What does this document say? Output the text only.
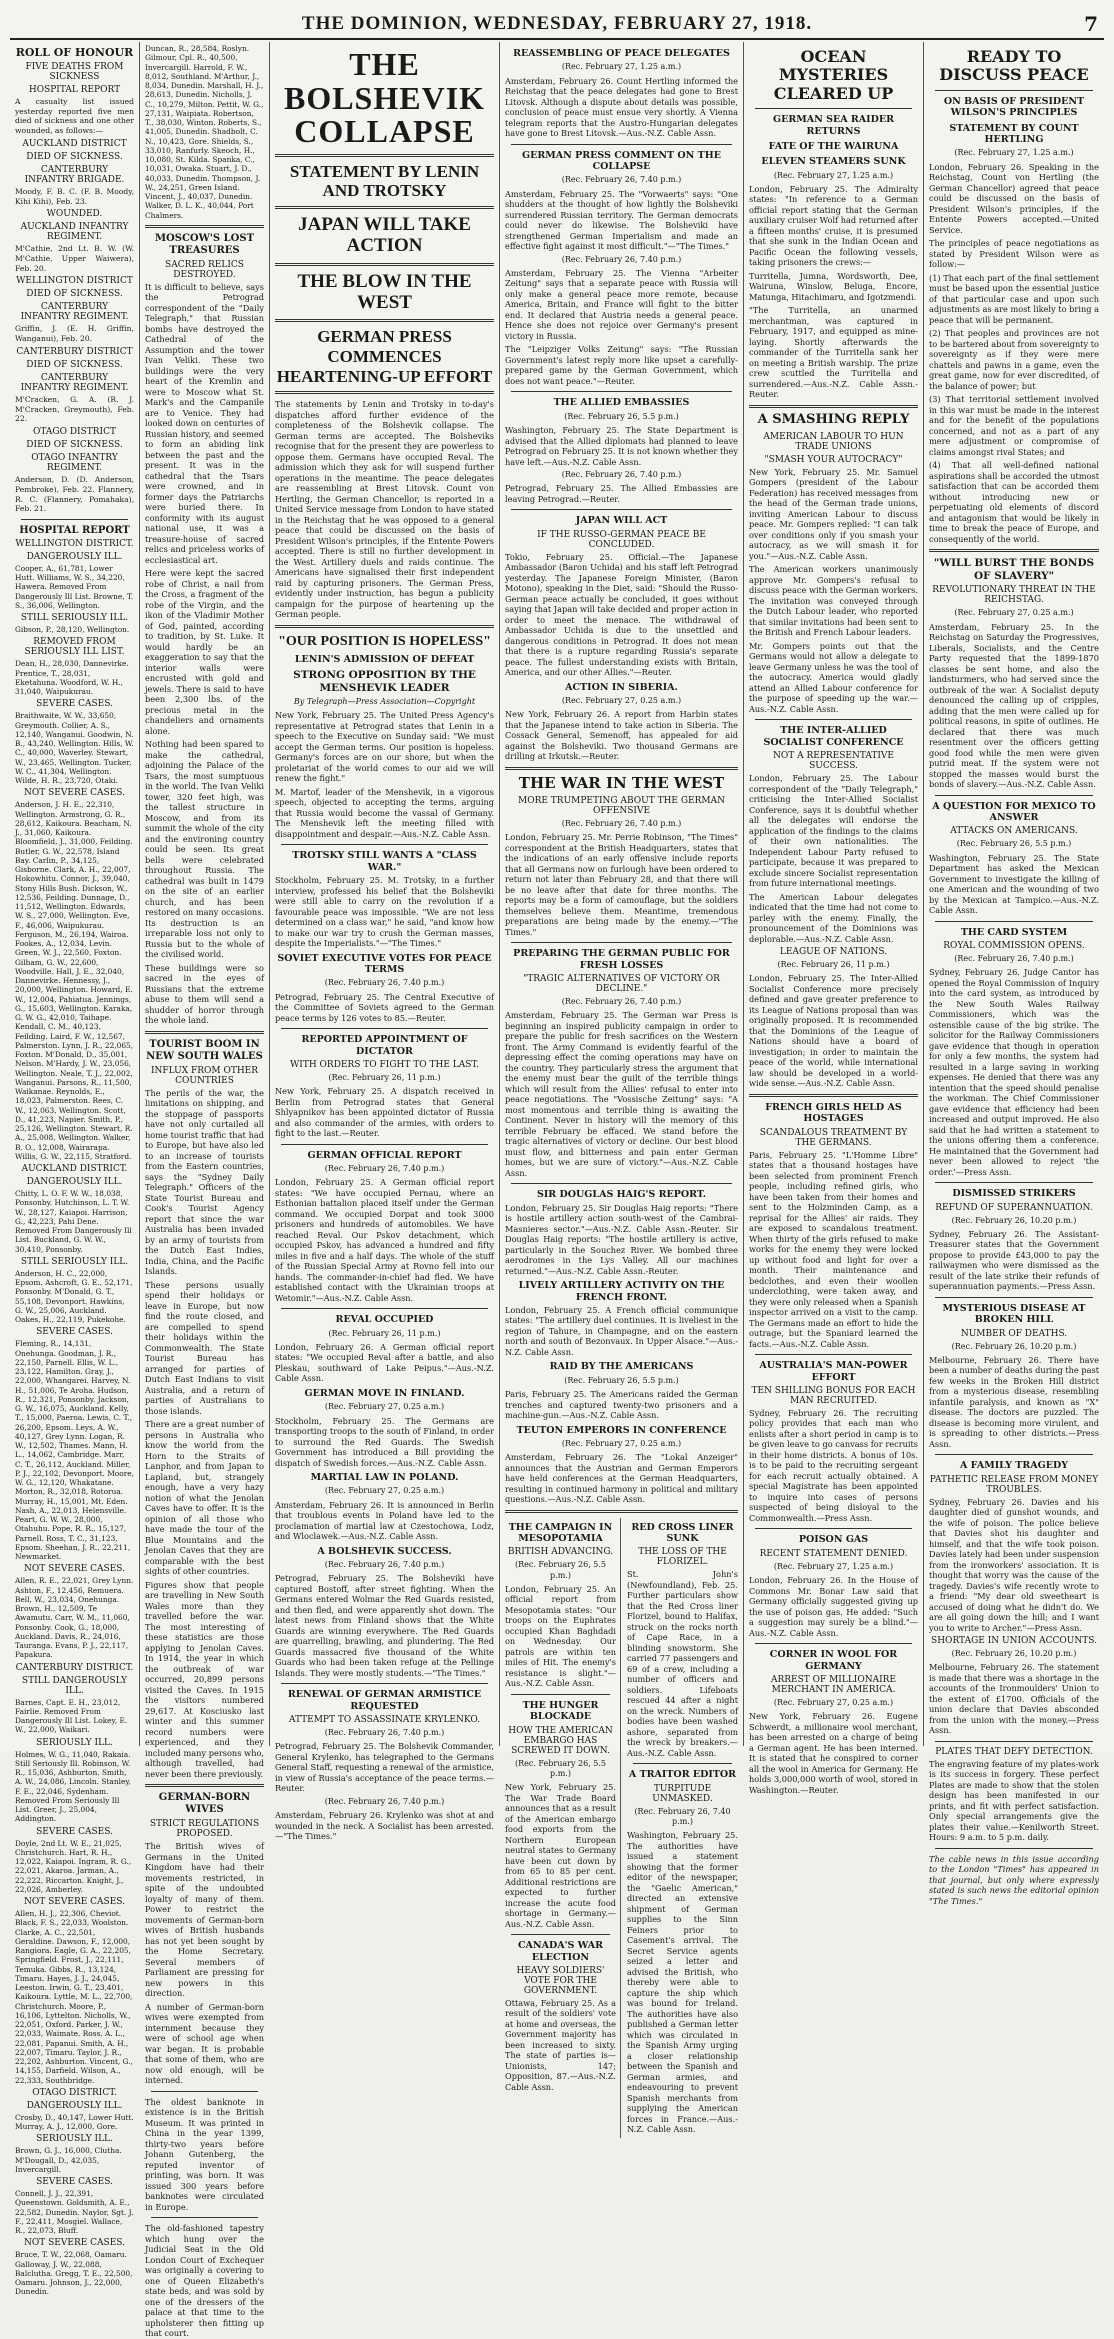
THE DOMINION, WEDNESDAY, FEBRUARY 27, 1918.	7
ROLL OF HONOUR
FIVE DEATHS FROM SICKNESS
HOSPITAL REPORT

A casualty list issued yesterday reported five men died of sickness and one other wounded, as follows:—

AUCKLAND DISTRICT
DIED OF SICKNESS.
CANTERBURY INFANTRY BRIGADE.

Moody, F. B. C. (F. B. Moody, Kihi Kihi), Feb. 23.

WOUNDED.
AUCKLAND INFANTRY REGIMENT.

M'Cathie, 2nd Lt. B. W. (W. M'Cathie, Upper Waiwera), Feb. 20.

WELLINGTON DISTRICT
DIED OF SICKNESS.
CANTERBURY INFANTRY REGIMENT.

Griffin, J. (E. H. Griffin, Wanganui), Feb. 20.

CANTERBURY DISTRICT
DIED OF SICKNESS.
CANTERBURY INFANTRY REGIMENT.

M'Cracken, G. A. (R. J. M'Cracken, Greymouth), Feb. 22.

OTAGO DISTRICT
DIED OF SICKNESS.
OTAGO INFANTRY REGIMENT.

Anderson, D. (D. Anderson, Pembroke), Feb. 22. Flannery, R. C. (Flannery, Pomahaka), Feb. 21.

HOSPITAL REPORT
WELLINGTON DISTRICT.
DANGEROUSLY ILL.

Cooper, A., 61,781, Lower Hutt. Williams, W. S., 34,220, Hawera. Removed From Dangerously Ill List. Browne, T. S., 36,006, Wellington.

STILL SERIOUSLY ILL.

Gibson, P., 28,120, Wellington.

REMOVED FROM SERIOUSLY ILL LIST.

Dean, H., 28,030, Dannevirke. Prentice, T., 28,031, Eketahuna. Woodford, W. H., 31,040, Waipukurau.

SEVERE CASES.

Braithwaite, W. W., 33,650, Greymouth. Collier, A. S., 12,140, Wanganui. Goodwin, N. B., 43,240, Wellington. Hills, W. C., 40,000, Waverley. Stewart, W., 23,465, Wellington. Tucker, W. C., 41,304, Wellington. Wilde, H. R., 23,720, Otaki.

NOT SEVERE CASES.

Anderson, J. H. E., 22,310, Wellington. Armstrong, G. R., 28,612, Kaikoura. Beacham, N. J., 31,060, Kaikoura. Bloomfield, J., 31,000, Feilding. Butler, G. W., 22,578, Island Bay. Carlin, P., 34,125, Gisborne. Clark, A. H., 22,007, Hokowhitu. Connor, J., 39,040, Stony Hills Bush. Dickson, W., 12,536, Feilding. Dunnage, D., 11,512, Wellington. Edwards, W. S., 27,000, Wellington. Eve, F., 46,006, Waipukurau. Ferguson, M., 26,194, Wairoa. Fookes, A., 12,034, Levin. Green, W. J., 22,560, Foxton. Gilham, G. W., 22,600, Woodville. Hall, J. E., 32,040, Dannevirke. Hennessy, J., 20,000, Wellington. Howard, E. W., 12,004, Pahiatua. Jennings, G., 15,603, Wellington. Karaka, G. W. G., 42,010, Taihape. Kendall, C. M., 40,123, Feilding. Laird, F. W., 12,567, Palmerston. Lynn, J. R., 22,065, Foxton. M'Donald, D., 35,001, Nelson. M'Hardy, J. W., 23,056, Wellington. Neale, T. J., 22,002, Wanganui. Parsons, R., 11,500, Waikanae. Reynolds, E., 18,023, Palmerston. Rees, C. W., 12,063, Wellington. Scott, D., 41,223, Napier. Smith, P., 25,126, Wellington. Stewart, R. A., 25,008, Wellington. Walker, B. O., 12,008, Wairarapa. Willis, G. W., 22,115, Stratford.

AUCKLAND DISTRICT.
DANGEROUSLY ILL.

Chitty, L. O. F. W. W., 18,038, Ponsonby. Hutchinson, L. T. W. W., 28,127, Kaiapoi. Harrison, G., 42,223, Pahi Dene. Removed From Dangerously Ill List. Buckland, G. W. W., 30,410, Ponsonby.

STILL SERIOUSLY ILL.

Anderson, H. C., 22,000, Epsom. Ashcroft, G. E., 52,171, Ponsonby. M'Donald, G. T., 55,108, Devonport. Hawkins, G. W., 25,006, Auckland. Oakes, H., 22,119, Pukekohe.

SEVERE CASES.

Fleming, R., 14,131, Onehunga. Goodman, J. R., 22,150, Parnell. Ellis, W. L., 23,122, Hamilton. Gray, J., 22,000, Whangarei. Harvey, N. H., 51,006, Te Aroha. Hudson, R., 12,321, Ponsonby. Jackson, G. W., 16,075, Auckland. Kelly, T., 15,000, Paeroa. Lewis, C. T., 26,200, Epsom. Leys, A. W., 40,127, Grey Lynn. Logan, R. W., 12,502, Thames. Mann, H. L., 14,062, Cambridge. Marr, C. T., 26,112, Auckland. Miller, P. J., 22,102, Devonport. Moore, W. G., 12,120, Whakatane. Morton, R., 32,018, Rotorua. Murray, H., 15,001, Mt. Eden. Nash, A., 22,013, Helensville. Peart, G. W. W., 28,000, Otahuhu. Pope, R. R., 15,127, Parnell. Ross, T. C., 31,123, Epsom. Sheehan, J. R., 22,211, Newmarket.

NOT SEVERE CASES.

Allen, R. E., 22,021, Grey Lynn. Ashton, F., 12,456, Remuera. Bell, W., 23,034, Onehunga. Brown, H., 12,509, Te Awamutu. Carr, W. M., 11,060, Ponsonby. Cook, G., 18,000, Auckland. Davis, R., 24,016, Tauranga. Evans, P. J., 22,117, Papakura.

CANTERBURY DISTRICT.
STILL DANGEROUSLY ILL.

Barnes, Capt. E. H., 23,012, Fairlie. Removed From Dangerously Ill List. Lokey, E. W., 22,000, Waikari.

SERIOUSLY ILL.

Holmes, W. G., 11,040, Rakaia. Still Seriously Ill. Robinson, W. R., 15,036, Ashburton. Smith, A. W., 24,086, Lincoln. Stanley, F. E., 22,046, Sydenham. Removed From Seriously Ill List. Greer, J., 25,004, Addington.

SEVERE CASES.

Doyle, 2nd Lt. W. E., 21,025, Christchurch. Hart, R. H., 12,022, Kaiapoi. Ingram, R. G., 22,021, Akaroa. Jarman, A., 22,222, Riccarton. Knight, J., 22,026, Amberley.

NOT SEVERE CASES.

Allen, H. J., 22,306, Cheviot. Black, F. S., 22,033, Woolston. Clarke, A. C., 22,501, Geraldine. Dawson, F., 12,000, Rangiora. Eagle, G. A., 22,205, Springfield. Frost, J., 22,111, Temuka. Gibbs, R., 13,124, Timaru. Hayes, J. J., 24,045, Leeston. Irwin, G. T., 23,401, Kaikoura. Lyttle, M. L., 22,700, Christchurch. Moore, P., 16,106, Lyttelton. Nicholls, W., 22,051, Oxford. Parker, J. W., 22,033, Waimate. Ross, A. L., 22,081, Papanui. Smith, A. H., 22,007, Timaru. Taylor, J. R., 22,202, Ashburton. Vincent, G., 14,155, Darfield. Wilson, A., 22,333, Southbridge.

OTAGO DISTRICT.
DANGEROUSLY ILL.

Crosby, D., 40,147, Lower Hutt. Murray, A. J., 12,000, Gore.

SERIOUSLY ILL.

Brown, G. J., 16,000, Clutha. M'Dougall, D., 42,035, Invercargill.

SEVERE CASES.

Connell, J. J., 22,391, Queenstown. Goldsmith, A. E., 22,582, Dunedin. Naylor, Sgt. J. F., 22,411, Mosgiel. Wallace, R., 22,073, Bluff.

NOT SEVERE CASES.

Bruce, T. W., 22,068, Oamaru. Galloway, J. W., 22,088, Balclutha. Gregg, T. E., 22,500, Oamaru. Johnson, J., 22,000, Dunedin.

Duncan, R., 28,584, Roslyn. Gilmour, Cpl. R., 40,500, Invercargill. Harrold, F. W., 8,012, Southland. M'Arthur, J., 8,034, Dunedin. Marshall, H. J., 28,613, Dunedin. Nicholls, J. C., 10,279, Milton. Pettit, W. G., 27,131, Waipiata. Robertson, T., 38,030, Winton. Roberts, S., 41,005, Dunedin. Shadbolt, C. N., 10,423, Gore. Shields, S., 33,010, Ranfurly. Skeoch, H., 10,080, St. Kilda. Spanka, C., 10,031, Owaka. Stuart, J. D., 40,033, Dunedin. Thompson, J. W., 24,251, Green Island. Vincent, J., 40,037, Dunedin. Walker, D. L. K., 40,044, Port Chalmers.

MOSCOW'S LOST TREASURES
SACRED RELICS DESTROYED.

It is difficult to believe, says the Petrograd correspondent of the "Daily Telegraph," that Russian bombs have destroyed the Cathedral of the Assumption and the tower Ivan Veliki. These two buildings were the very heart of the Kremlin and were to Moscow what St. Mark's and the Campanile are to Venice. They had looked down on centuries of Russian history, and seemed to form an abiding link between the past and the present. It was in the cathedral that the Tsars were crowned, and in former days the Patriarchs were buried there. In conformity with its august national use, it was a treasure-house of sacred relics and priceless works of ecclesiastical art.

Here were kept the sacred robe of Christ, a nail from the Cross, a fragment of the robe of the Virgin, and the ikon of the Vladimir Mother of God, painted, according to tradition, by St. Luke. It would hardly be an exaggeration to say that the interior walls were encrusted with gold and jewels. There is said to have been 2,300 lbs. of the precious metal in the chandeliers and ornaments alone.

Nothing had been spared to make the cathedral, adjoining the Palace of the Tsars, the most sumptuous in the world. The Ivan Veliki tower, 320 feet high, was the tallest structure in Moscow, and from its summit the whole of the city and the environing country could be seen. Its great bells were celebrated throughout Russia. The cathedral was built in 1479 on the site of an earlier church, and has been restored on many occasions. Its destruction is an irreparable loss not only to Russia but to the whole of the civilised world.

These buildings were so sacred in the eyes of Russians that the extreme abuse to them will send a shudder of horror through the whole land.

TOURIST BOOM IN NEW SOUTH WALES
INFLUX FROM OTHER COUNTRIES

The perils of the war, the limitations on shipping, and the stoppage of passports have not only curtailed all home tourist traffic that had to Europe, but have also led to an increase of tourists from the Eastern countries, says the "Sydney Daily Telegraph." Officers of the State Tourist Bureau and Cook's Tourist Agency report that since the war Australia has been invaded by an army of tourists from the Dutch East Indies, India, China, and the Pacific Islands.

These persons usually spend their holidays or leave in Europe, but now find the route closed, and are compelled to spend their holidays within the Commonwealth. The State Tourist Bureau has arranged for parties of Dutch East Indians to visit Australia, and a return of parties of Australians to those islands.

There are a great number of persons in Australia who know the world from the Horn to the Straits of Lanphor, and from Japan to Lapland, but, strangely enough, have a very hazy notion of what the Jenolan Caves have to offer. It is the opinion of all those who have made the tour of the Blue Mountains and the Jenolan Caves that they are comparable with the best sights of other countries.

Figures show that people are travelling in New South Wales more than they travelled before the war. The most interesting of these statistics are those applying to Jenolan Caves. In 1914, the year in which the outbreak of war occurred, 20,899 persons visited the Caves. In 1915 the visitors numbered 29,617. At Kosciusko last winter and this summer record numbers were experienced, and they included many persons who, although travelled, had never been there previously.

GERMAN-BORN WIVES
STRICT REGULATIONS PROPOSED.

The British wives of Germans in the United Kingdom have had their movements restricted, in spite of the undoubted loyalty of many of them. Power to restrict the movements of German-born wives of British husbands has not yet been sought by the Home Secretary. Several members of Parliament are pressing for new powers in this direction.

A number of German-born wives were exempted from internment because they were of school age when war began. It is probable that some of them, who are now old enough, will be interned.

The oldest banknote in existence is in the British Museum. It was printed in China in the year 1399, thirty-two years before Johann Gutenberg, the reputed inventor of printing, was born. It was issued 300 years before banknotes were circulated in Europe.

The old-fashioned tapestry which hung over the Judicial Seat in the Old London Court of Exchequer was originally a covering to one of Queen Elizabeth's state beds, and was sold by one of the dressers of the palace at that time to the upholsterer then fitting up that court.

THE BOLSHEVIK COLLAPSE
STATEMENT BY LENIN AND TROTSKY
JAPAN WILL TAKE ACTION
THE BLOW IN THE WEST
GERMAN PRESS COMMENCES HEARTENING-UP EFFORT

The statements by Lenin and Trotsky in to-day's dispatches afford further evidence of the completeness of the Bolshevik collapse. The German terms are accepted. The Bolsheviks recognise that for the present they are powerless to oppose them. Germans have occupied Reval. The admission which they ask for will suspend further operations in the meantime. The peace delegates are reassembling at Brest Litovsk. Count von Hertling, the German Chancellor, is reported in a United Service message from London to have stated in the Reichstag that he was opposed to a general peace that could be discussed on the basis of President Wilson's principles, if the Entente Powers accepted. There is still no further development in the West. Artillery duels and raids continue. The Americans have signalised their first independent raid by capturing prisoners. The German Press, evidently under instruction, has begun a publicity campaign for the purpose of heartening up the German people.

"OUR POSITION IS HOPELESS"
LENIN'S ADMISSION OF DEFEAT
STRONG OPPOSITION BY THE MENSHEVIK LEADER

By Telegraph—Press Association—Copyright

New York, February 25. The United Press Agency's representative at Petrograd states that Lenin in a speech to the Executive on Sunday said: "We must accept the German terms. Our position is hopeless. Germany's forces are on our shore, but when the proletariat of the world comes to our aid we will renew the fight."

M. Martof, leader of the Menshevik, in a vigorous speech, objected to accepting the terms, arguing that Russia would become the vassal of Germany. The Menshevik left the meeting filled with disappointment and despair.—Aus.-N.Z. Cable Assn.

TROTSKY STILL WANTS A "CLASS WAR."

Stockholm, February 25. M. Trotsky, in a further interview, professed his belief that the Bolsheviki were still able to carry on the revolution if a favourable peace was impossible. "We are not less determined on a class war," he said, "and know how to make our war try to crush the German masses, despite the Imperialists."—"The Times."

SOVIET EXECUTIVE VOTES FOR PEACE TERMS

(Rec. February 26, 7.40 p.m.)

Petrograd, February 25. The Central Executive of the Committee of Soviets agreed to the German peace terms by 126 votes to 85.—Reuter.

REPORTED APPOINTMENT OF DICTATOR
WITH ORDERS TO FIGHT TO THE LAST.

(Rec. February 26, 11 p.m.)

New York, February 25. A dispatch received in Berlin from Petrograd states that General Shlyapnikov has been appointed dictator of Russia and also commander of the armies, with orders to fight to the last.—Reuter.

GERMAN OFFICIAL REPORT

(Rec. February 26, 7.40 p.m.)

London, February 25. A German official report states: "We have occupied Pernau, where an Esthonian battalion placed itself under the German command. We occupied Dorpat and took 3000 prisoners and hundreds of automobiles. We have reached Reval. Our Pskov detachment, which occupied Pskov, has advanced a hundred and fifty miles in five and a half days. The whole of the stuff of the Russian Special Army at Rovno fell into our hands. The commander-in-chief had fled. We have established contact with the Ukrainian troops at Wetomir."—Aus.-N.Z. Cable Assn.

REVAL OCCUPIED

(Rec. February 26, 11 p.m.)

London, February 26. A German official report states: "We occupied Reval after a battle, and also Pleskau, southward of Lake Peipus."—Aus.-N.Z. Cable Assn.

GERMAN MOVE IN FINLAND.

(Rec. February 27, 0.25 a.m.)

Stockholm, February 25. The Germans are transporting troops to the south of Finland, in order to surround the Red Guards. The Swedish Government has introduced a Bill providing the dispatch of Swedish forces.—Aus.-N.Z. Cable Assn.

MARTIAL LAW IN POLAND.

(Rec. February 27, 0.25 a.m.)

Amsterdam, February 26. It is announced in Berlin that troublous events in Poland have led to the proclamation of martial law at Czestochowa, Lodz, and Wloclawek.—Aus.-N.Z. Cable Assn.

A BOLSHEVIK SUCCESS.

(Rec. February 26, 7.40 p.m.)

Petrograd, February 25. The Bolsheviki have captured Bostoff, after street fighting. When the Germans entered Wolmar the Red Guards resisted, and then fled, and were apparently shot down. The latest news from Finland shows that the White Guards are winning everywhere. The Red Guards are quarrelling, brawling, and plundering. The Red Guards massacred five thousand of the White Guards who had been taken refuge at the Pellinge Islands. They were mostly students.—"The Times."

RENEWAL OF GERMAN ARMISTICE REQUESTED
ATTEMPT TO ASSASSINATE KRYLENKO.

(Rec. February 26, 7.40 p.m.)

Petrograd, February 25. The Bolshevik Commander, General Krylenko, has telegraphed to the Germans General Staff, requesting a renewal of the armistice, in view of Russia's acceptance of the peace terms.—Reuter.

(Rec. February 26, 7.40 p.m.)

Amsterdam, February 26. Krylenko was shot at and wounded in the neck. A Socialist has been arrested.—"The Times."

REASSEMBLING OF PEACE DELEGATES

(Rec. February 27, 1.25 a.m.)

Amsterdam, February 26. Count Hertling informed the Reichstag that the peace delegates had gone to Brest Litovsk. Although a dispute about details was possible, conclusion of peace must ensue very shortly. A Vienna telegram reports that the Austro-Hungarian delegates have gone to Brest Litovsk.—Aus.-N.Z. Cable Assn.

GERMAN PRESS COMMENT ON THE COLLAPSE

(Rec. February 26, 7.40 p.m.)

Amsterdam, February 25. The "Vorwaerts" says: "One shudders at the thought of how lightly the Bolsheviki surrendered Russian territory. The German democrats could never do likewise. The Bolsheviki have strengthened German Imperialism and made an effective fight against it most difficult."—"The Times."

(Rec. February 26, 7.40 p.m.)

Amsterdam, February 25. The Vienna "Arbeiter Zeitung" says that a separate peace with Russia will only make a general peace more remote, because America, Britain, and France will fight to the bitter end. It declared that Austria needs a general peace. Hence she does not rejoice over Germany's present victory in Russia.

The "Leipziger Volks Zeitung" says: "The Russian Government's latest reply more like upset a carefully-prepared game by the German Government, which does not want peace."—Reuter.

THE ALLIED EMBASSIES

(Rec. February 26, 5.5 p.m.)

Washington, February 25. The State Department is advised that the Allied diplomats had planned to leave Petrograd on February 25. It is not known whether they have left.—Aus.-N.Z. Cable Assn.

(Rec. February 26, 7.40 p.m.)

Petrograd, February 25. The Allied Embassies are leaving Petrograd.—Reuter.

JAPAN WILL ACT
IF THE RUSSO-GERMAN PEACE BE CONCLUDED.

Tokio, February 25. Official.—The Japanese Ambassador (Baron Uchida) and his staff left Petrograd yesterday. The Japanese Foreign Minister, (Baron Motono), speaking in the Diet, said: "Should the Russo-German peace actually be concluded, it goes without saying that Japan will take decided and proper action in order to meet the menace. The withdrawal of Ambassador Uchida is due to the unsettled and dangerous conditions in Petrograd. It does not mean that there is a rupture regarding Russia's separate peace. The fullest understanding exists with Britain, America, and our other Allies."—Reuter.

ACTION IN SIBERIA.

(Rec. February 27, 0.25 a.m.)

New York, February 26. A report from Harbin states that the Japanese intend to take action in Siberia. The Cossack General, Semenoff, has appealed for aid against the Bolsheviki. Two thousand Germans are drilling at Irkutsk.—Reuter.

THE WAR IN THE WEST
MORE TRUMPETING ABOUT THE GERMAN OFFENSIVE

(Rec. February 26, 7.40 p.m.)

London, February 25. Mr. Perrie Robinson, "The Times" correspondent at the British Headquarters, states that the indications of an early offensive include reports that all Germans now on furlough have been ordered to return not later than February 28, and that there will be no leave after that date for three months. The reports may be a form of camouflage, but the soldiers themselves believe them. Meantime, tremendous preparations are being made by the enemy.—"The Times."

PREPARING THE GERMAN PUBLIC FOR FRESH LOSSES
"TRAGIC ALTERNATIVES OF VICTORY OR DECLINE."

(Rec. February 26, 7.40 p.m.)

Amsterdam, February 25. The German war Press is beginning an inspired publicity campaign in order to prepare the public for fresh sacrifices on the Western front. The Army Command is evidently fearful of the depressing effect the coming operations may have on the country. They particularly stress the argument that the enemy must bear the guilt of the terrible things which will result from the Allies' refusal to enter into peace negotiations. The "Vossische Zeitung" says: "A most momentous and terrible thing is awaiting the Continent. Never in history will the memory of this terrible February be effaced. We stand before the tragic alternatives of victory or decline. Our best blood must flow, and bitterness and pain enter German homes, but we are sure of victory."—Aus.-N.Z. Cable Assn.

SIR DOUGLAS HAIG'S REPORT.

London, February 25. Sir Douglas Haig reports: "There is hostile artillery action south-west of the Cambrai-Masnieres sector."—Aus.-N.Z. Cable Assn.-Reuter. Sir Douglas Haig reports: "The hostile artillery is active, particularly in the Souchez River. We bombed three aerodromes in the Lys Valley. All our machines returned."—Aus.-N.Z. Cable Assn.-Reuter.

LIVELY ARTILLERY ACTIVITY ON THE FRENCH FRONT.

London, February 25. A French official communique states: "The artillery duel continues. It is liveliest in the region of Tahure, in Champagne, and on the eastern north and south of Bezonvaux. In Upper Alsace."—Aus.-N.Z. Cable Assn.

RAID BY THE AMERICANS

(Rec. February 26, 5.5 p.m.)

Paris, February 25. The Americans raided the German trenches and captured twenty-two prisoners and a machine-gun.—Aus.-N.Z. Cable Assn.

TEUTON EMPERORS IN CONFERENCE

(Rec. February 27, 0.25 a.m.)

Amsterdam, February 26. The "Lokal Anzeiger" announces that the Austrian and German Emperors have held conferences at the German Headquarters, resulting in continued harmony in political and military questions.—Aus.-N.Z. Cable Assn.

THE CAMPAIGN IN MESOPOTAMIA
BRITISH ADVANCING.

(Rec. February 26, 5.5 p.m.)

London, February 25. An official report from Mesopotamia states: "Our troops on the Euphrates occupied Khan Baghdadi on Wednesday. Our patrols are within ten miles of Hit. The enemy's resistance is slight."—Aus.-N.Z. Cable Assn.

THE HUNGER BLOCKADE
HOW THE AMERICAN EMBARGO HAS SCREWED IT DOWN.

(Rec. February 26, 5.5 p.m.)

New York, February 25. The War Trade Board announces that as a result of the American embargo food exports from the Northern European neutral states to Germany have been cut down by from 65 to 85 per cent. Additional restrictions are expected to further increase the acute food shortage in Germany.—Aus.-N.Z. Cable Assn.

CANADA'S WAR ELECTION
HEAVY SOLDIERS' VOTE FOR THE GOVERNMENT.

Ottawa, February 25. As a result of the soldiers' vote at home and overseas, the Government majority has been increased to sixty. The state of parties is—Unionists, 147; Opposition, 87.—Aus.-N.Z. Cable Assn.

RED CROSS LINER SUNK
THE LOSS OF THE FLORIZEL.

St. John's (Newfoundland), Feb. 25. Further particulars show that the Red Cross liner Florizel, bound to Halifax, struck on the rocks north of Cape Race, in a blinding snowstorm. She carried 77 passengers and 69 of a crew, including a number of officers and soldiers. Lifeboats rescued 44 after a night on the wreck. Numbers of bodies have been washed ashore, separated from the wreck by breakers.—Aus.-N.Z. Cable Assn.

A TRAITOR EDITOR
TURPITUDE UNMASKED.

(Rec. February 26, 7.40 p.m.)

Washington, February 25. The authorities have issued a statement showing that the former editor of the newspaper, the "Gaelic American," directed an extensive shipment of German supplies to the Sinn Feiners prior to Casement's arrival. The Secret Service agents seized a letter and advised the British, who thereby were able to capture the ship which was bound for Ireland. The authorities have also published a German letter which was circulated in the Spanish Army urging a closer relationship between the Spanish and German armies, and endeavouring to prevent Spanish merchants from supplying the American forces in France.—Aus.-N.Z. Cable Assn.

OCEAN MYSTERIES CLEARED UP
GERMAN SEA RAIDER RETURNS
FATE OF THE WAIRUNA
ELEVEN STEAMERS SUNK

(Rec. February 27, 1.25 a.m.)

London, February 25. The Admiralty states: "In reference to a German official report stating that the German auxiliary cruiser Wolf had returned after a fifteen months' cruise, it is presumed that she sunk in the Indian Ocean and Pacific Ocean the following vessels, taking prisoners the crews:—

Turritella, Jumna, Wordsworth, Dee, Wairuna, Winslow, Beluga, Encore, Matunga, Hitachimaru, and Igotzmendi.

"The Turritella, an unarmed merchantman, was captured in February, 1917, and equipped as mine-laying. Shortly afterwards the commander of the Turritella sank her on meeting a British warship. The prize crew scuttled the Turritella and surrendered.—Aus.-N.Z. Cable Assn.-Reuter.

A SMASHING REPLY
AMERICAN LABOUR TO HUN TRADE UNIONS
"SMASH YOUR AUTOCRACY"

New York, February 25. Mr. Samuel Gompers (president of the Labour Federation) has received messages from the head of the German trade unions, inviting American Labour to discuss peace. Mr. Gompers replied: "I can talk over conditions only if you smash your autocracy, as we will smash it for you."—Aus.-N.Z. Cable Assn.

The American workers unanimously approve Mr. Gompers's refusal to discuss peace with the German workers. The invitation was conveyed through the Dutch Labour leader, who reported that similar invitations had been sent to the British and French Labour leaders.

Mr. Gompers points out that the Germans would not allow a delegate to leave Germany unless he was the tool of the autocracy. America would gladly attend an Allied Labour conference for the purpose of speeding up the war.—Aus.-N.Z. Cable Assn.

THE INTER-ALLIED SOCIALIST CONFERENCE
NOT A REPRESENTATIVE SUCCESS.

London, February 25. The Labour correspondent of the "Daily Telegraph," criticising the Inter-Allied Socialist Conference, says it is doubtful whether all the delegates will endorse the application of the findings to the claims of their own nationalities. The Independent Labour Party refused to participate, because it was prepared to exclude sincere Socialist representation from future international meetings.

The American Labour delegates indicated that the time had not come to parley with the enemy. Finally, the pronouncement of the Dominions was deplorable.—Aus.-N.Z. Cable Assn.

LEAGUE OF NATIONS.

(Rec. February 26, 11 p.m.)

London, February 25. The Inter-Allied Socialist Conference more precisely defined and gave greater preference to its League of Nations proposal than was originally proposed. It is recommended that the Dominions of the League of Nations should have a board of investigation; in order to maintain the peace of the world, while international law should be developed in a world-wide sense.—Aus.-N.Z. Cable Assn.

FRENCH GIRLS HELD AS HOSTAGES
SCANDALOUS TREATMENT BY THE GERMANS.

Paris, February 25. "L'Homme Libre" states that a thousand hostages have been selected from prominent French people, including refined girls, who have been taken from their homes and sent to the Holzminden Camp, as a reprisal for the Allies' air raids. They are exposed to scandalous treatment. When thirty of the girls refused to make works for the enemy they were locked up without food and light for over a month. Their maintenance and bedclothes, and even their woollen underclothing, were taken away, and they were only released when a Spanish inspector arrived on a visit to the camp. The Germans made an effort to hide the outrage, but the Spaniard learned the facts.—Aus.-N.Z. Cable Assn.

AUSTRALIA'S MAN-POWER EFFORT
TEN SHILLING BONUS FOR EACH MAN RECRUITED.

Sydney, February 26. The recruiting policy provides that each man who enlists after a short period in camp is to be given leave to go canvass for recruits in their home districts. A bonus of 10s. is to be paid to the recruiting sergeant for each recruit actually obtained. A special Magistrate has been appointed to inquire into cases of persons suspected of being disloyal to the Commonwealth.—Press Assn.

POISON GAS
RECENT STATEMENT DENIED.

(Rec. February 27, 1.25 a.m.)

London, February 26. In the House of Commons Mr. Bonar Law said that Germany officially suggested giving up the use of poison gas. He added: "Such a suggestion may surely be a blind."—Aus.-N.Z. Cable Assn.

CORNER IN WOOL FOR GERMANY
ARREST OF MILLIONAIRE MERCHANT IN AMERICA.

(Rec. February 27, 0.25 a.m.)

New York, February 26. Eugene Schwerdt, a millionaire wool merchant, has been arrested on a charge of being a German agent. He has been interned. It is stated that he conspired to corner all the wool in America for Germany. He holds 3,000,000 worth of wool, stored in Washington.—Reuter.

READY TO DISCUSS PEACE
ON BASIS OF PRESIDENT WILSON'S PRINCIPLES
STATEMENT BY COUNT HERTLING

(Rec. February 27, 1.25 a.m.)

London, February 26. Speaking in the Reichstag, Count von Hertling (the German Chancellor) agreed that peace could be discussed on the basis of President Wilson's principles, if the Entente Powers accepted.—United Service.

The principles of peace negotiations as stated by President Wilson were as follow:—

(1) That each part of the final settlement must be based upon the essential justice of that particular case and upon such adjustments as are most likely to bring a peace that will be permanent.

(2) That peoples and provinces are not to be bartered about from sovereignty to sovereignty as if they were mere chattels and pawns in a game, even the great game, now for ever discredited, of the balance of power; but

(3) That territorial settlement involved in this war must be made in the interest and for the benefit of the populations concerned, and not as a part of any mere adjustment or compromise of claims amongst rival States; and

(4) That all well-defined national aspirations shall be accorded the utmost satisfaction that can be accorded them without introducing new or perpetuating old elements of discord and antagonism that would be likely in time to break the peace of Europe, and consequently of the world.

"WILL BURST THE BONDS OF SLAVERY"
REVOLUTIONARY THREAT IN THE REICHSTAG.

(Rec. February 27, 0.25 a.m.)

Amsterdam, February 25. In the Reichstag on Saturday the Progressives, Liberals, Socialists, and the Centre Party requested that the 1899-1870 classes be sent home, and also the landsturmers, who had served since the outbreak of the war. A Socialist deputy denounced the calling up of cripples, adding that the men were called up for political reasons, in spite of outlines. He declared that there was much resentment over the officers getting good food while the men were given putrid meat. If the system were not stopped the masses would burst the bonds of slavery.—Aus.-N.Z. Cable Assn.

A QUESTION FOR MEXICO TO ANSWER
ATTACKS ON AMERICANS.

(Rec. February 26, 5.5 p.m.)

Washington, February 25. The State Department has asked the Mexican Government to investigate the killing of one American and the wounding of two by the Mexican at Tampico.—Aus.-N.Z. Cable Assn.

THE CARD SYSTEM
ROYAL COMMISSION OPENS.

(Rec. February 26, 7.40 p.m.)

Sydney, February 26. Judge Cantor has opened the Royal Commission of Inquiry into the card system, as introduced by the New South Wales Railway Commissioners, which was the ostensible cause of the big strike. The solicitor for the Railway Commissioners gave evidence that though in operation for only a few months, the system had resulted in a large saving in working expenses. He denied that there was any intention that the speed should penalise the workman. The Chief Commissioner gave evidence that efficiency had been increased and output improved. He also said that he had written a statement to the unions offering them a conference. He maintained that the Government had never been allowed to reject 'the order.'—Press Assn.

DISMISSED STRIKERS
REFUND OF SUPERANNUATION.

(Rec. February 26, 10.20 p.m.)

Sydney, February 26. The Assistant-Treasurer states that the Government propose to provide £43,000 to pay the railwaymen who were dismissed as the result of the late strike their refunds of superannuation payments.—Press Assn.

MYSTERIOUS DISEASE AT BROKEN HILL
NUMBER OF DEATHS.

(Rec. February 26, 10.20 p.m.)

Melbourne, February 26. There have been a number of deaths during the past few weeks in the Broken Hill district from a mysterious disease, resembling infantile paralysis, and known as "X" disease. The doctors are puzzled. The disease is becoming more virulent, and is spreading to other districts.—Press Assn.

A FAMILY TRAGEDY
PATHETIC RELEASE FROM MONEY TROUBLES.

Sydney, February 26. Davies and his daughter died of gunshot wounds, and the wife of poison. The police believe that Davies shot his daughter and himself, and that the wife took poison. Davies lately had been under suspension from the ironworkers' association. It is thought that worry was the cause of the tragedy. Davies's wife recently wrote to a friend: "My dear old sweetheart is accused of doing what he didn't do. We are all going down the hill; and I want you to write to Archer."—Press Assn.

SHORTAGE IN UNION ACCOUNTS.

(Rec. February 26, 10.20 p.m.)

Melbourne, February 26. The statement is made that there was a shortage in the accounts of the Ironmoulders' Union to the extent of £1700. Officials of the union declare that Davies absconded from the union with the money.—Press Assn.

PLATES THAT DEFY DETECTION.

The engraving feature of my plates-work is its success in forgery. These perfect Plates are made to show that the stolen design has been manifested in our prints, and fit with perfect satisfaction. Only special arrangements give the plates their value.—Kenilworth Street. Hours: 9 a.m. to 5 p.m. daily.

The cable news in this issue according to the London "Times" has appeared in that journal, but only where expressly stated is such news the editorial opinion "The Times."
